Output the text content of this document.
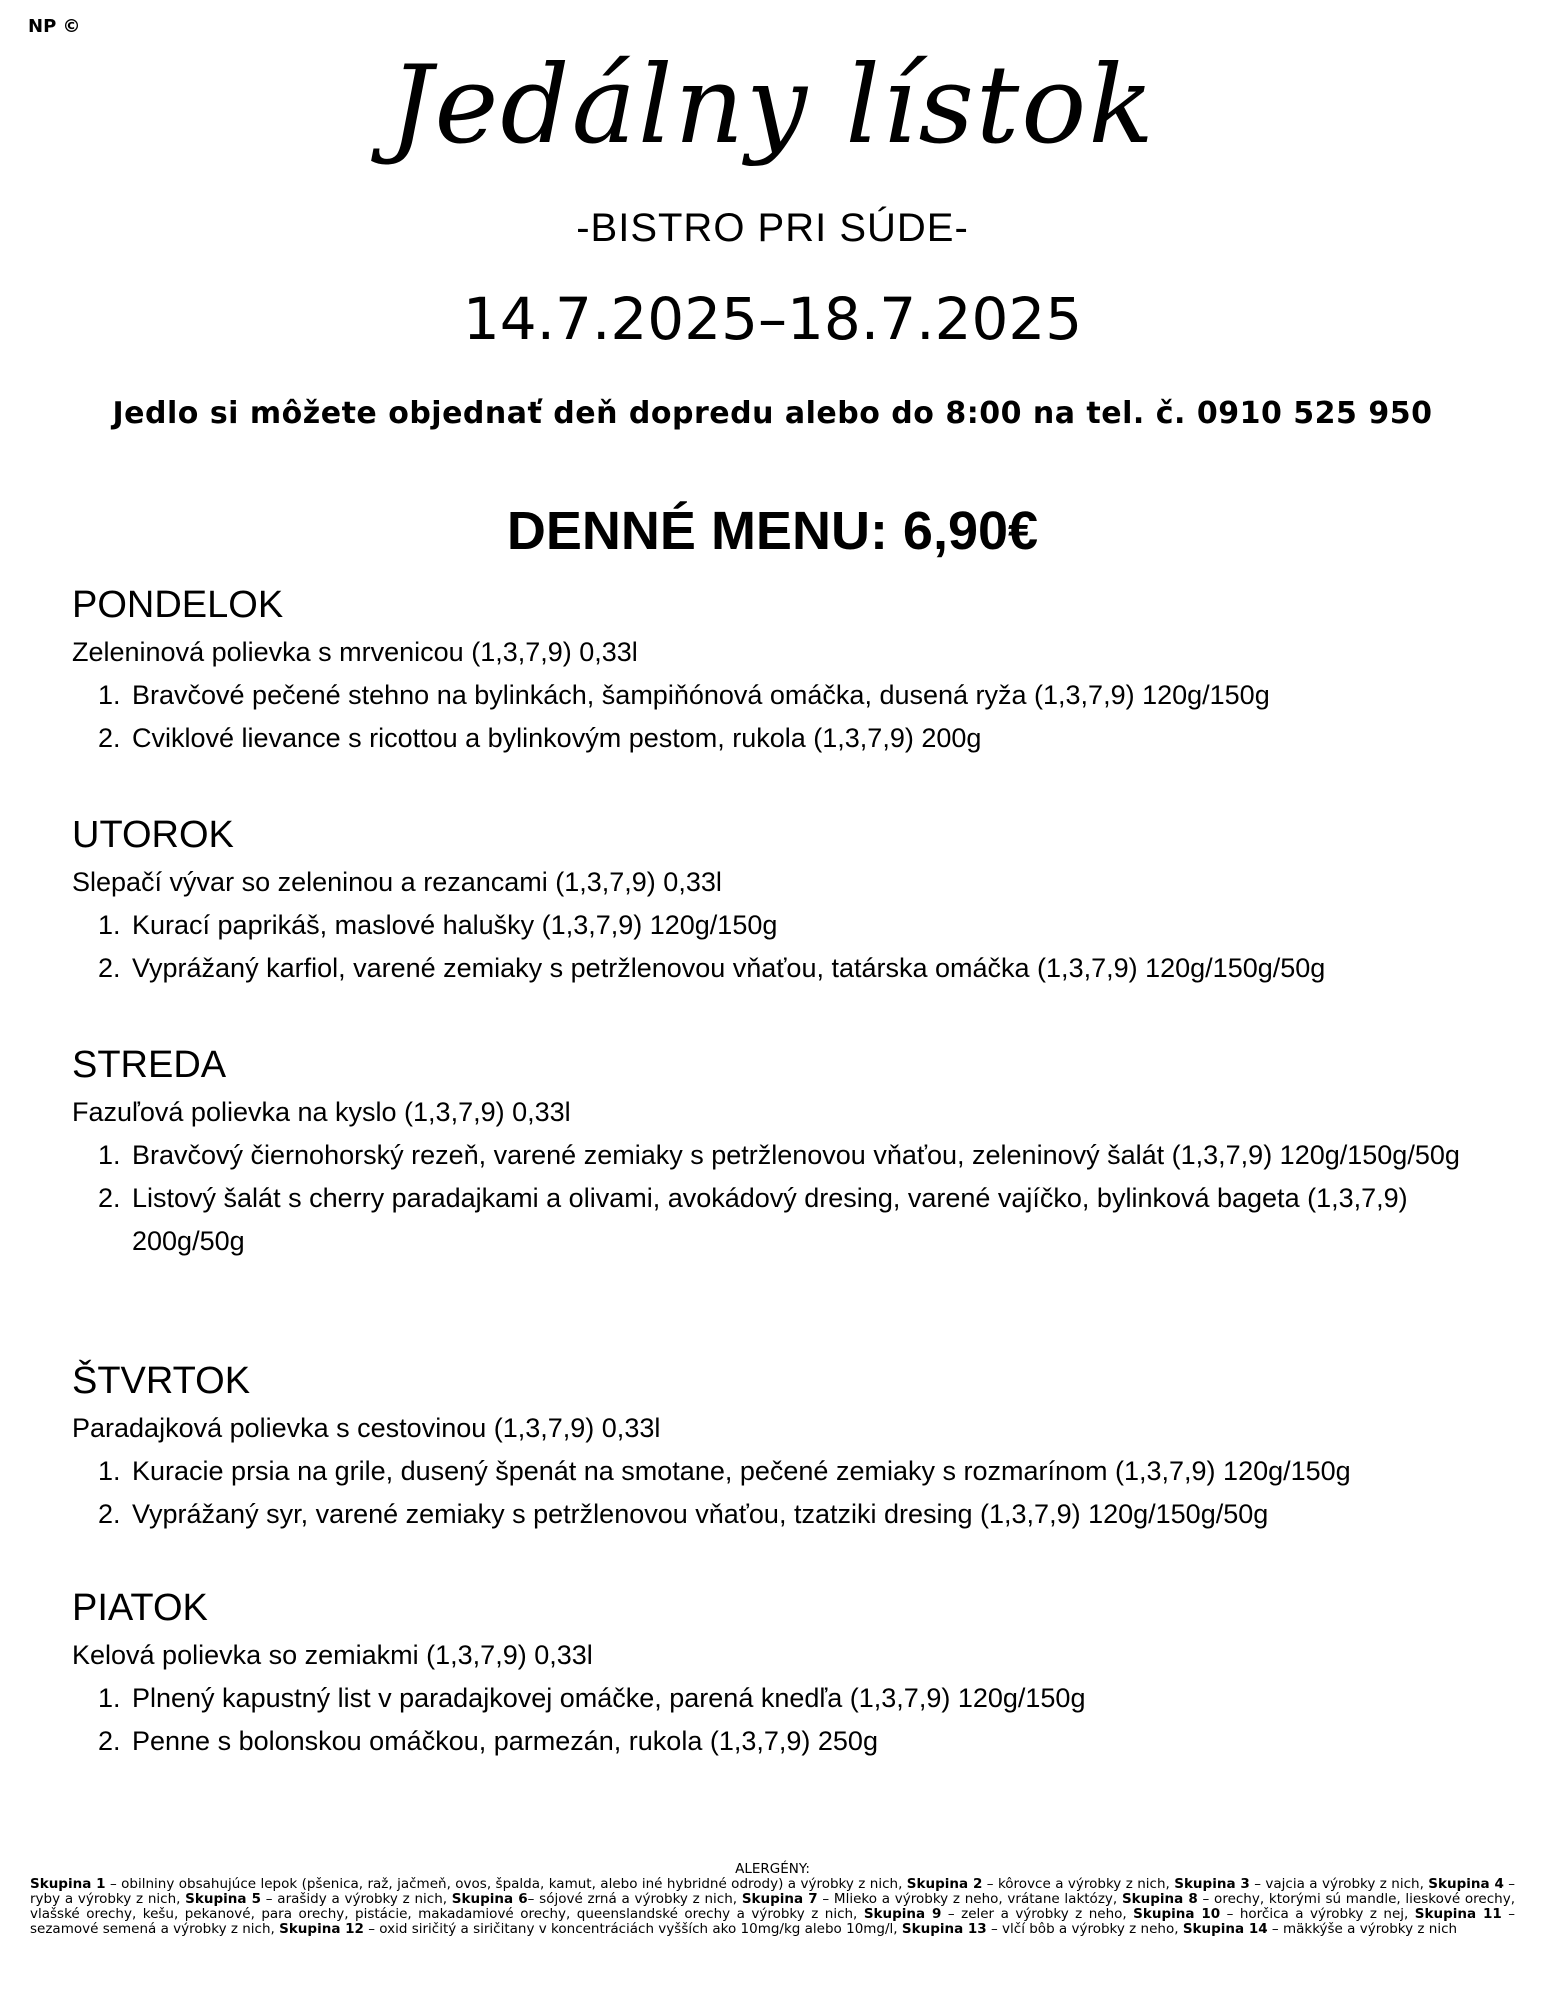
NP ©
Jedálny lístok
-BISTRO PRI SÚDE-
14.7.2025–18.7.2025
Jedlo si môžete objednať deň dopredu alebo do 8:00 na tel. č. 0910 525 950
DENNÉ MENU: 6,90€
PONDELOK
Zeleninová polievka s mrvenicou (1,3,7,9) 0,33l
1. Bravčové pečené stehno na bylinkách, šampiňónová omáčka, dusená ryža (1,3,7,9) 120g/150g
2. Cviklové lievance s ricottou a bylinkovým pestom, rukola (1,3,7,9) 200g
UTOROK
Slepačí vývar so zeleninou a rezancami (1,3,7,9) 0,33l
1. Kurací paprikáš, maslové halušky (1,3,7,9) 120g/150g
2. Vyprážaný karfiol, varené zemiaky s petržlenovou vňaťou, tatárska omáčka (1,3,7,9) 120g/150g/50g
STREDA
Fazuľová polievka na kyslo (1,3,7,9) 0,33l
1. Bravčový čiernohorský rezeň, varené zemiaky s petržlenovou vňaťou, zeleninový šalát (1,3,7,9) 120g/150g/50g
2. Listový šalát s cherry paradajkami a olivami, avokádový dresing, varené vajíčko, bylinková bageta (1,3,7,9) 200g/50g
ŠTVRTOK
Paradajková polievka s cestovinou (1,3,7,9) 0,33l
1. Kuracie prsia na grile, dusený špenát na smotane, pečené zemiaky s rozmarínom (1,3,7,9) 120g/150g
2. Vyprážaný syr, varené zemiaky s petržlenovou vňaťou, tzatziki dresing (1,3,7,9) 120g/150g/50g
PIATOK
Kelová polievka so zemiakmi (1,3,7,9) 0,33l
1. Plnený kapustný list v paradajkovej omáčke, parená knedľa (1,3,7,9) 120g/150g
2. Penne s bolonskou omáčkou, parmezán, rukola (1,3,7,9) 250g
ALERGÉNY:
Skupina 1 – obilniny obsahujúce lepok (pšenica, raž, jačmeň, ovos, špalda, kamut, alebo iné hybridné odrody) a výrobky z nich, Skupina 2 – kôrovce a výrobky z nich, Skupina 3 – vajcia a výrobky z nich, Skupina 4 – ryby a výrobky z nich, Skupina 5 – arašidy a výrobky z nich, Skupina 6– sójové zrná a výrobky z nich, Skupina 7 – Mlieko a výrobky z neho, vrátane laktózy, Skupina 8 – orechy, ktorými sú mandle, lieskové orechy, vlašské orechy, kešu, pekanové, para orechy, pistácie, makadamiové orechy, queenslandské orechy a výrobky z nich, Skupina 9 – zeler a výrobky z neho, Skupina 10 – horčica a výrobky z nej, Skupina 11 – sezamové semená a výrobky z nich, Skupina 12 – oxid siričitý a siričitany v koncentráciách vyšších ako 10mg/kg alebo 10mg/l, Skupina 13 – vlčí bôb a výrobky z neho, Skupina 14 – mäkkýše a výrobky z nich
